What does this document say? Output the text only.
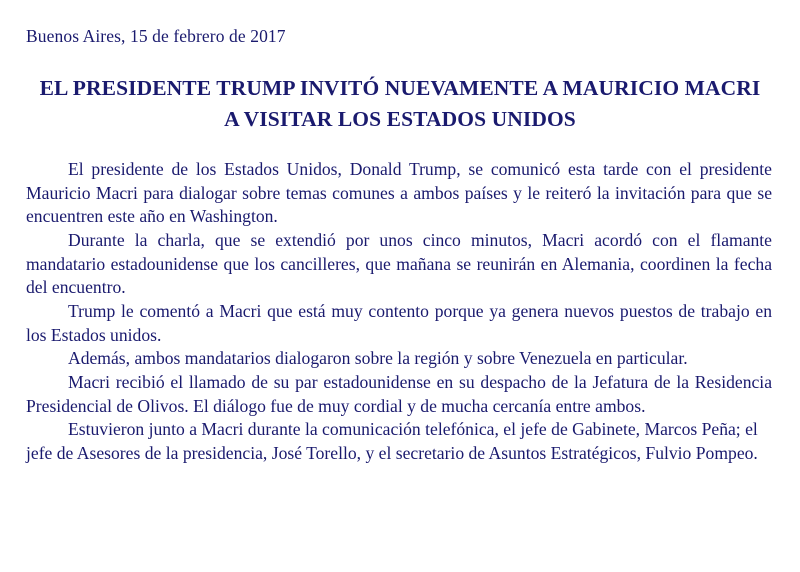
Buenos Aires, 15 de febrero de 2017
EL PRESIDENTE TRUMP INVITÓ NUEVAMENTE A MAURICIO MACRI
A VISITAR LOS ESTADOS UNIDOS

El presidente de los Estados Unidos, Donald Trump, se comunicó esta tarde con el presidente Mauricio Macri para dialogar sobre temas comunes a ambos países y le reiteró la invitación para que se encuentren este año en Washington.

Durante la charla, que se extendió por unos cinco minutos, Macri acordó con el flamante mandatario estadounidense que los cancilleres, que mañana se reunirán en Alemania, coordinen la fecha del encuentro.

Trump le comentó a Macri que está muy contento porque ya genera nuevos puestos de trabajo en los Estados unidos.

Además, ambos mandatarios dialogaron sobre la región y sobre Venezuela en particular.

Macri recibió el llamado de su par estadounidense en su despacho de la Jefatura de la Residencia Presidencial de Olivos. El diálogo fue de muy cordial y de mucha cercanía entre ambos.

Estuvieron junto a Macri durante la comunicación telefónica, el jefe de Gabinete, Marcos Peña; el jefe de Asesores de la presidencia, José Torello, y el secretario de Asuntos Estratégicos, Fulvio Pompeo.
